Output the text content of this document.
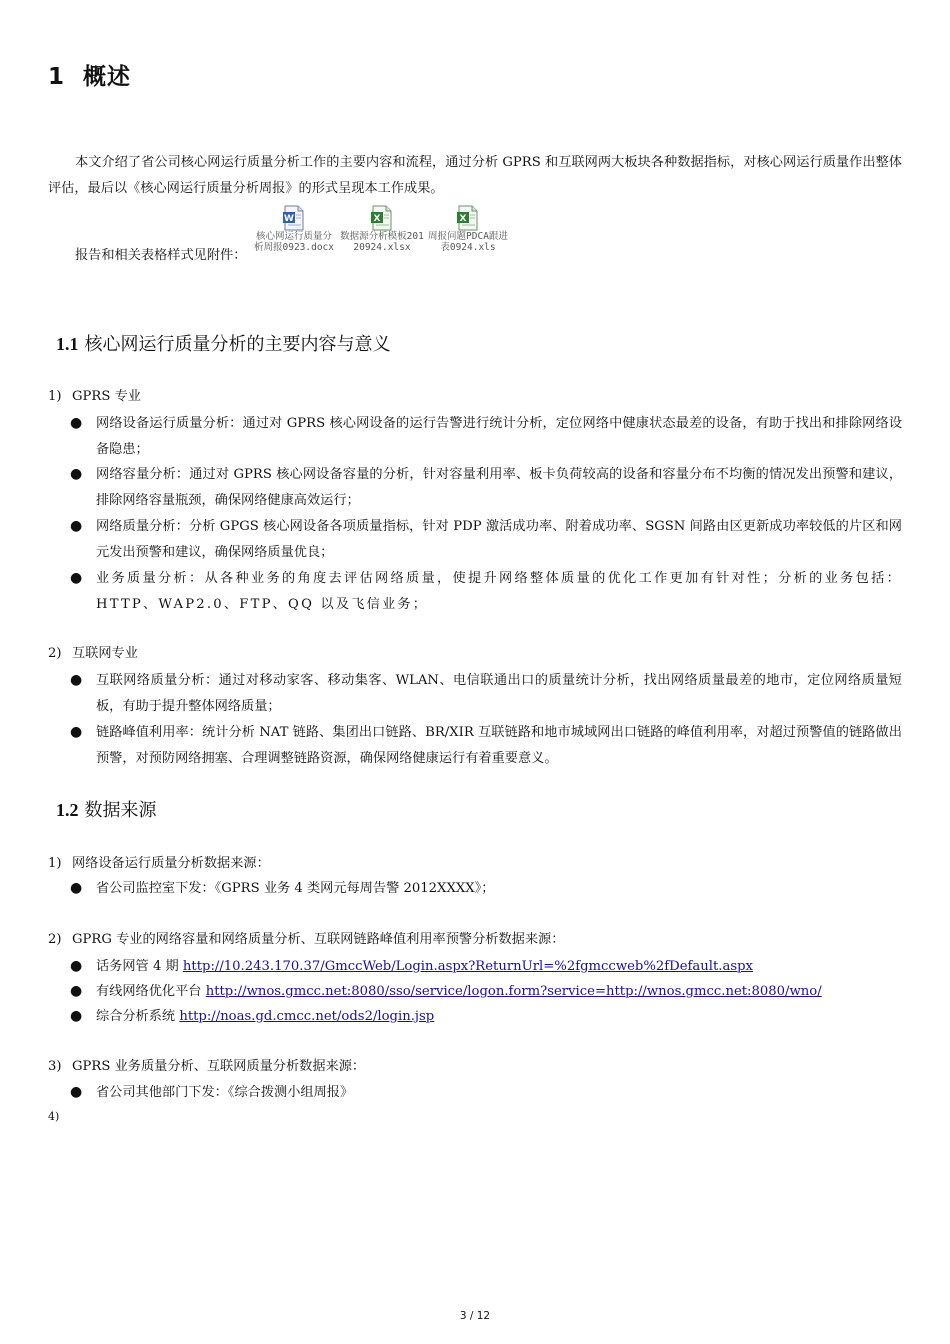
1 概述

本文介绍了省公司核心网运行质量分析工作的主要内容和流程，通过分析 GPRS 和互联网两大板块各种数据指标，对核心网运行质量作出整体评估，最后以《核心网运行质量分析周报》的形式呈现本工作成果。

报告和相关表格样式见附件：
W
核心网运行质量分
析周报0923.docx
X
数据源分析模板201
20924.xlsx
X
周报问题PDCA跟进
表0924.xls
1.1 核心网运行质量分析的主要内容与意义
1) GPRS 专业
● 网络设备运行质量分析：通过对 GPRS 核心网设备的运行告警进行统计分析，定位网络中健康状态最差的设备，有助于找出和排除网络设备隐患；
● 网络容量分析：通过对 GPRS 核心网设备容量的分析，针对容量利用率、板卡负荷较高的设备和容量分布不均衡的情况发出预警和建议，排除网络容量瓶颈，确保网络健康高效运行；
● 网络质量分析：分析 GPGS 核心网设备各项质量指标，针对 PDP 激活成功率、附着成功率、SGSN 间路由区更新成功率较低的片区和网元发出预警和建议，确保网络质量优良；
● 业务质量分析：从各种业务的角度去评估网络质量，使提升网络整体质量的优化工作更加有针对性；分析的业务包括：HTTP、WAP2.0、FTP、QQ 以及飞信业务；
2) 互联网专业
● 互联网络质量分析：通过对移动家客、移动集客、WLAN、电信联通出口的质量统计分析，找出网络质量最差的地市，定位网络质量短板，有助于提升整体网络质量；
● 链路峰值利用率：统计分析 NAT 链路、集团出口链路、BR/XIR 互联链路和地市城域网出口链路的峰值利用率，对超过预警值的链路做出预警，对预防网络拥塞、合理调整链路资源，确保网络健康运行有着重要意义。
1.2 数据来源
1) 网络设备运行质量分析数据来源：
● 省公司监控室下发：《GPRS 业务 4 类网元每周告警 2012XXXX》；
2) GPRG 专业的网络容量和网络质量分析、互联网链路峰值利用率预警分析数据来源：
● 话务网管 4 期 http://10.243.170.37/GmccWeb/Login.aspx?ReturnUrl=%2fgmccweb%2fDefault.aspx
● 有线网络优化平台 http://wnos.gmcc.net:8080/sso/service/logon.form?service=http://wnos.gmcc.net:8080/wno/
● 综合分析系统 http://noas.gd.cmcc.net/ods2/login.jsp
3) GPRS 业务质量分析、互联网质量分析数据来源：
● 省公司其他部门下发：《综合拨测小组周报》
4)
3 / 12
